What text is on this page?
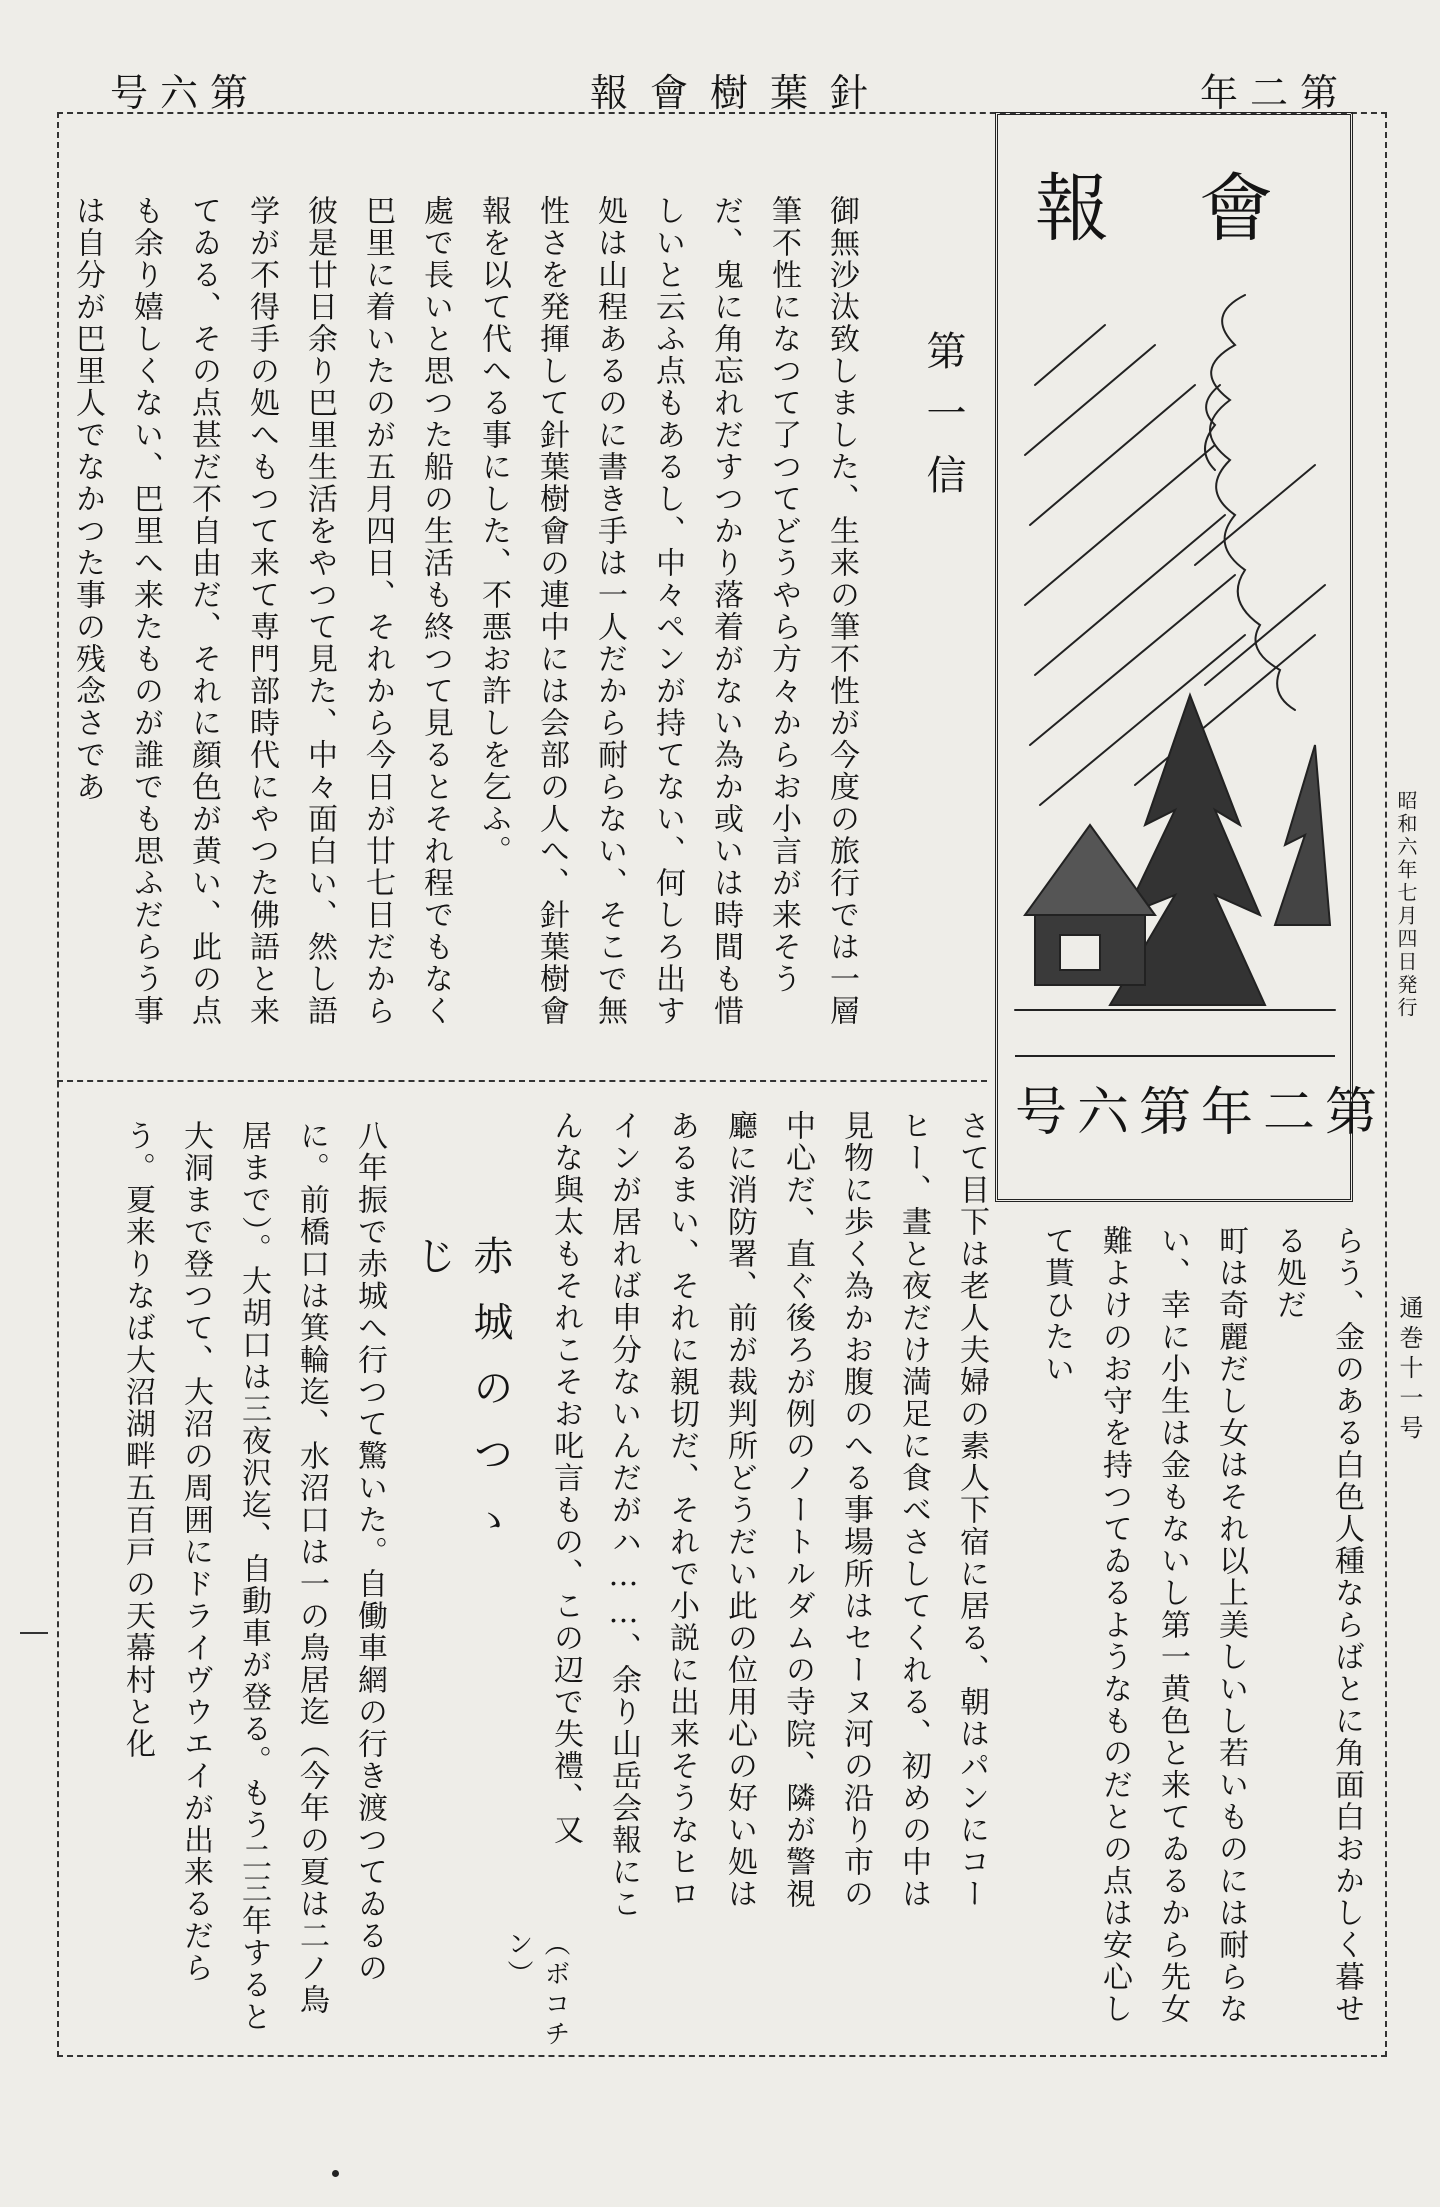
号六第	報會樹葉針	年二第
第一信
御無沙汰致しました、生来の筆不性が今度の旅行では一層筆不性になつて了つてどうやら方々からお小言が来そうだ、鬼に角忘れだすつかり落着がない為か或いは時間も惜しいと云ふ点もあるし、中々ペンが持てない、何しろ出す処は山程あるのに書き手は一人だから耐らない、そこで無性さを発揮して針葉樹會の連中には会部の人へ、針葉樹會報を以て代へる事にした、不悪お許しを乞ふ。
處で長いと思つた船の生活も終つて見るとそれ程でもなく巴里に着いたのが五月四日、それから今日が廿七日だから彼是廿日余り巴里生活をやつて見た、中々面白い、然し語学が不得手の処へもつて来て専門部時代にやつた佛語と来てゐる、その点甚だ不自由だ、それに顔色が黄い、此の点も余り嬉しくない、巴里へ来たものが誰でも思ふだらう事は自分が巴里人でなかつた事の残念さであ	報會
号六第年二第
昭和六年七月四日発行
通巻十一号
らう、金のある白色人種ならばとに角面白おかしく暮せる処だ
町は奇麗だし女はそれ以上美しいし若いものには耐らない、幸に小生は金もないし第一黄色と来てゐるから先女難よけのお守を持つてゐるようなものだとの点は安心して貰ひたい
さて目下は老人夫婦の素人下宿に居る、朝はパンにコーヒー、晝と夜だけ満足に食べさしてくれる、初めの中は見物に歩く為かお腹のへる事場所はセーヌ河の沿り市の中心だ、直ぐ後ろが例のノートルダムの寺院、隣が警視廳に消防署、前が裁判所どうだい此の位用心の好い処はあるまい、それに親切だ、それで小説に出来そうなヒロインが居れば申分ないんだがハ……、余り山岳会報にこんな與太もそれこそお叱言もの、この辺で失禮、又
（ボコチン）
赤城のつゝじ
八年振で赤城へ行つて驚いた。自働車網の行き渡つてゐるのに。前橋口は箕輪迄、水沼口は一の鳥居迄（今年の夏は二ノ鳥居まで）。大胡口は三夜沢迄、自動車が登る。もう二三年すると大洞まで登つて、大沼の周囲にドライヴウエイが出来るだらう。夏来りなば大沼湖畔五百戸の天幕村と化
